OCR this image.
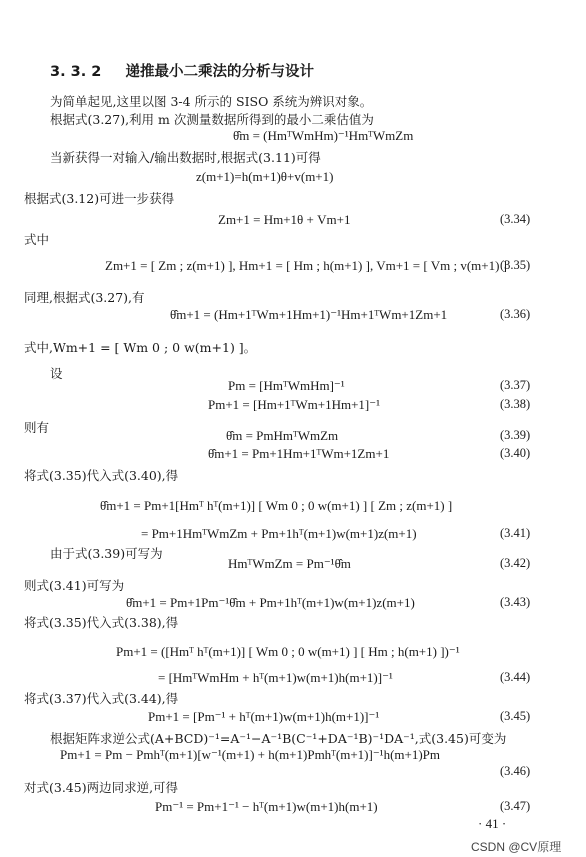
3. 3. 2 递推最小二乘法的分析与设计
为简单起见,这里以图 3-4 所示的 SISO 系统为辨识对象。
根据式(3.27),利用 m 次测量数据所得到的最小二乘估值为
θ̂m = (HmᵀWmHm)⁻¹HmᵀWmZm
当新获得一对输入/输出数据时,根据式(3.11)可得
z(m+1)=h(m+1)θ+v(m+1)
根据式(3.12)可进一步获得
Zm+1 = Hm+1θ + Vm+1
式中
Zm+1 = [ Zm ; z(m+1) ], Hm+1 = [ Hm ; h(m+1) ], Vm+1 = [ Vm ; v(m+1) ]
同理,根据式(3.27),有
θ̂m+1 = (Hm+1ᵀWm+1Hm+1)⁻¹Hm+1ᵀWm+1Zm+1
式中,Wm+1 = [ Wm 0 ; 0 w(m+1) ]。
设
Pm = [HmᵀWmHm]⁻¹
Pm+1 = [Hm+1ᵀWm+1Hm+1]⁻¹
则有
θ̂m = PmHmᵀWmZm
θ̂m+1 = Pm+1Hm+1ᵀWm+1Zm+1
将式(3.35)代入式(3.40),得
θ̂m+1 = Pm+1[Hmᵀ hᵀ(m+1)] [ Wm 0 ; 0 w(m+1) ] [ Zm ; z(m+1) ]
= Pm+1HmᵀWmZm + Pm+1hᵀ(m+1)w(m+1)z(m+1)
由于式(3.39)可写为
HmᵀWmZm = Pm⁻¹θ̂m
则式(3.41)可写为
θ̂m+1 = Pm+1Pm⁻¹θ̂m + Pm+1hᵀ(m+1)w(m+1)z(m+1)
将式(3.35)代入式(3.38),得
Pm+1 = ([Hmᵀ hᵀ(m+1)] [ Wm 0 ; 0 w(m+1) ] [ Hm ; h(m+1) ])⁻¹
= [HmᵀWmHm + hᵀ(m+1)w(m+1)h(m+1)]⁻¹
将式(3.37)代入式(3.44),得
Pm+1 = [Pm⁻¹ + hᵀ(m+1)w(m+1)h(m+1)]⁻¹
根据矩阵求逆公式(A+BCD)⁻¹=A⁻¹−A⁻¹B(C⁻¹+DA⁻¹B)⁻¹DA⁻¹,式(3.45)可变为
Pm+1 = Pm − Pmhᵀ(m+1)[w⁻¹(m+1) + h(m+1)Pmhᵀ(m+1)]⁻¹h(m+1)Pm
对式(3.45)两边同求逆,可得
Pm⁻¹ = Pm+1⁻¹ − hᵀ(m+1)w(m+1)h(m+1)
(3.34)
(3.35)
(3.36)
(3.37)
(3.38)
(3.39)
(3.40)
(3.41)
(3.42)
(3.43)
(3.44)
(3.45)
(3.46)
(3.47)
· 41 ·
CSDN @CV原理
